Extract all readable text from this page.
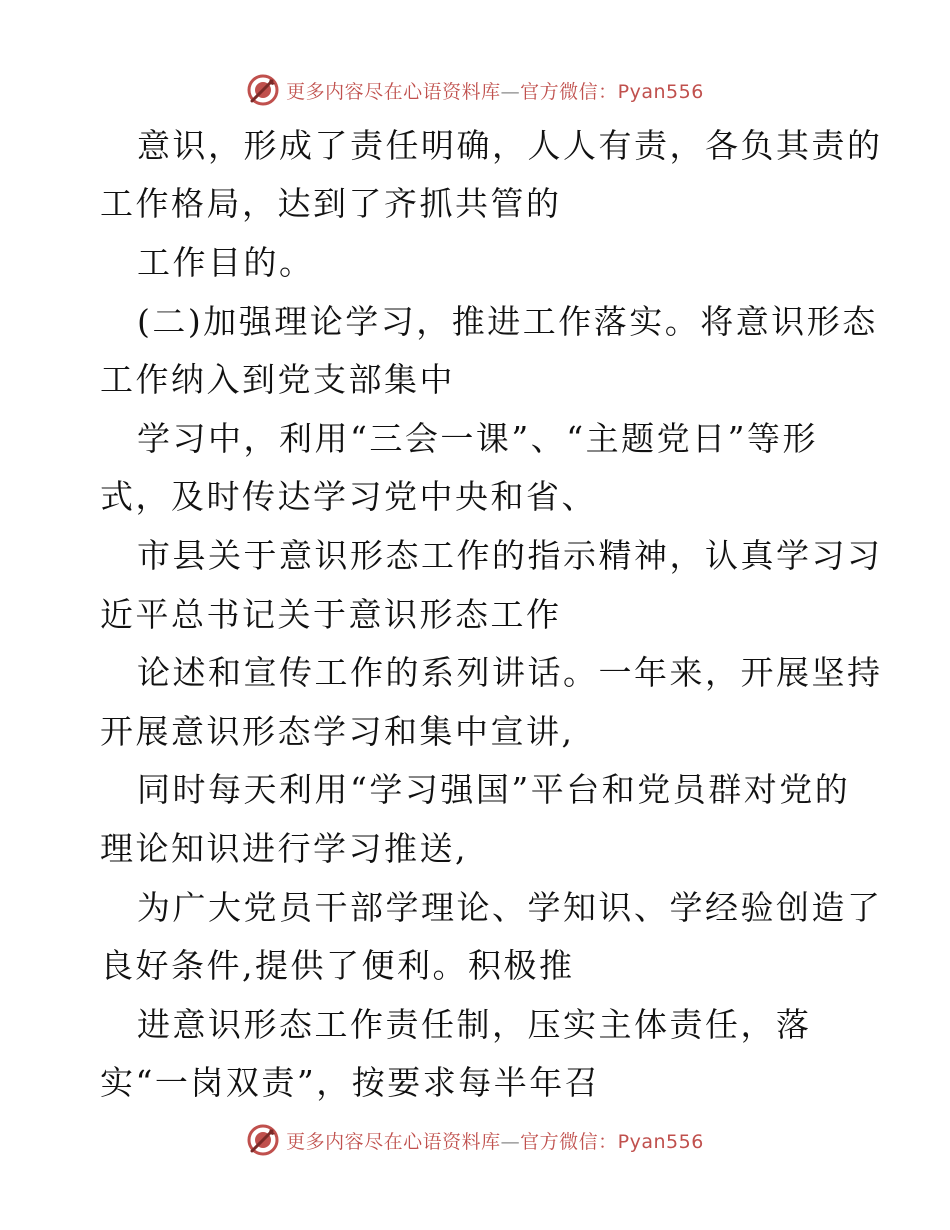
更多内容尽在心语资料库—官方微信：Pyan556
意识，形成了责任明确，人人有责，各负其责的
工作格局，达到了齐抓共管的
工作目的。
(二)加强理论学习，推进工作落实。将意识形态
工作纳入到党支部集中
学习中，利用“三会一课”、“主题党日”等形
式，及时传达学习党中央和省、
市县关于意识形态工作的指示精神，认真学习习
近平总书记关于意识形态工作
论述和宣传工作的系列讲话。一年来，开展坚持
开展意识形态学习和集中宣讲,
同时每天利用“学习强国”平台和党员群对党的
理论知识进行学习推送,
为广大党员干部学理论、学知识、学经验创造了
良好条件,提供了便利。积极推
进意识形态工作责任制，压实主体责任，落
实“一岗双责”，按要求每半年召
更多内容尽在心语资料库—官方微信：Pyan556
